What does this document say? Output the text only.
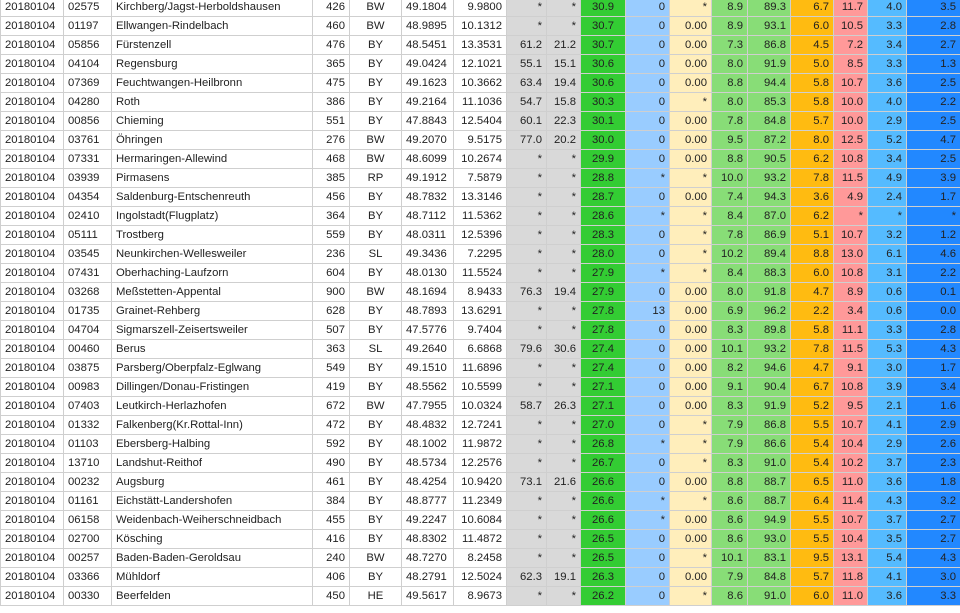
20180104	02575	Kirchberg/Jagst-Herboldshausen	426	BW	49.1804	9.9800	*	*	30.9	0	*	8.9	89.3	6.7	11.7	4.0	3.5
20180104	01197	Ellwangen-Rindelbach	460	BW	48.9895	10.1312	*	*	30.7	0	0.00	8.9	93.1	6.0	10.5	3.3	2.8
20180104	05856	Fürstenzell	476	BY	48.5451	13.3531	61.2	21.2	30.7	0	0.00	7.3	86.8	4.5	7.2	3.4	2.7
20180104	04104	Regensburg	365	BY	49.0424	12.1021	55.1	15.1	30.6	0	0.00	8.0	91.9	5.0	8.5	3.3	1.3
20180104	07369	Feuchtwangen-Heilbronn	475	BY	49.1623	10.3662	63.4	19.4	30.6	0	0.00	8.8	94.4	5.8	10.7	3.6	2.5
20180104	04280	Roth	386	BY	49.2164	11.1036	54.7	15.8	30.3	0	*	8.0	85.3	5.8	10.0	4.0	2.2
20180104	00856	Chieming	551	BY	47.8843	12.5404	60.1	22.3	30.1	0	0.00	7.8	84.8	5.7	10.0	2.9	2.5
20180104	03761	Öhringen	276	BW	49.2070	9.5175	77.0	20.2	30.0	0	0.00	9.5	87.2	8.0	12.5	5.2	4.7
20180104	07331	Hermaringen-Allewind	468	BW	48.6099	10.2674	*	*	29.9	0	0.00	8.8	90.5	6.2	10.8	3.4	2.5
20180104	03939	Pirmasens	385	RP	49.1912	7.5879	*	*	28.8	*	*	10.0	93.2	7.8	11.5	4.9	3.9
20180104	04354	Saldenburg-Entschenreuth	456	BY	48.7832	13.3146	*	*	28.7	0	0.00	7.4	94.3	3.6	4.9	2.4	1.7
20180104	02410	Ingolstadt(Flugplatz)	364	BY	48.7112	11.5362	*	*	28.6	*	*	8.4	87.0	6.2	*	*	*
20180104	05111	Trostberg	559	BY	48.0311	12.5396	*	*	28.3	0	*	7.8	86.9	5.1	10.7	3.2	1.2
20180104	03545	Neunkirchen-Wellesweiler	236	SL	49.3436	7.2295	*	*	28.0	0	*	10.2	89.4	8.8	13.0	6.1	4.6
20180104	07431	Oberhaching-Laufzorn	604	BY	48.0130	11.5524	*	*	27.9	*	*	8.4	88.3	6.0	10.8	3.1	2.2
20180104	03268	Meßstetten-Appental	900	BW	48.1694	8.9433	76.3	19.4	27.9	0	0.00	8.0	91.8	4.7	8.9	0.6	0.1
20180104	01735	Grainet-Rehberg	628	BY	48.7893	13.6291	*	*	27.8	13	0.00	6.9	96.2	2.2	3.4	0.6	0.0
20180104	04704	Sigmarszell-Zeisertsweiler	507	BY	47.5776	9.7404	*	*	27.8	0	0.00	8.3	89.8	5.8	11.1	3.3	2.8
20180104	00460	Berus	363	SL	49.2640	6.6868	79.6	30.6	27.4	0	0.00	10.1	93.2	7.8	11.5	5.3	4.3
20180104	03875	Parsberg/Oberpfalz-Eglwang	549	BY	49.1510	11.6896	*	*	27.4	0	0.00	8.2	94.6	4.7	9.1	3.0	1.7
20180104	00983	Dillingen/Donau-Fristingen	419	BY	48.5562	10.5599	*	*	27.1	0	0.00	9.1	90.4	6.7	10.8	3.9	3.4
20180104	07403	Leutkirch-Herlazhofen	672	BW	47.7955	10.0324	58.7	26.3	27.1	0	0.00	8.3	91.9	5.2	9.5	2.1	1.6
20180104	01332	Falkenberg(Kr.Rottal-Inn)	472	BY	48.4832	12.7241	*	*	27.0	0	*	7.9	86.8	5.5	10.7	4.1	2.9
20180104	01103	Ebersberg-Halbing	592	BY	48.1002	11.9872	*	*	26.8	*	*	7.9	86.6	5.4	10.4	2.9	2.6
20180104	13710	Landshut-Reithof	490	BY	48.5734	12.2576	*	*	26.7	0	*	8.3	91.0	5.4	10.2	3.7	2.3
20180104	00232	Augsburg	461	BY	48.4254	10.9420	73.1	21.6	26.6	0	0.00	8.8	88.7	6.5	11.0	3.6	1.8
20180104	01161	Eichstätt-Landershofen	384	BY	48.8777	11.2349	*	*	26.6	*	*	8.6	88.7	6.4	11.4	4.3	3.2
20180104	06158	Weidenbach-Weiherschneidbach	455	BY	49.2247	10.6084	*	*	26.6	*	0.00	8.6	94.9	5.5	10.7	3.7	2.7
20180104	02700	Kösching	416	BY	48.8302	11.4872	*	*	26.5	0	0.00	8.6	93.0	5.5	10.4	3.5	2.7
20180104	00257	Baden-Baden-Geroldsau	240	BW	48.7270	8.2458	*	*	26.5	0	*	10.1	83.1	9.5	13.1	5.4	4.3
20180104	03366	Mühldorf	406	BY	48.2791	12.5024	62.3	19.1	26.3	0	0.00	7.9	84.8	5.7	11.8	4.1	3.0
20180104	00330	Beerfelden	450	HE	49.5617	8.9673	*	*	26.2	0	*	8.6	91.0	6.0	11.0	3.6	3.3
